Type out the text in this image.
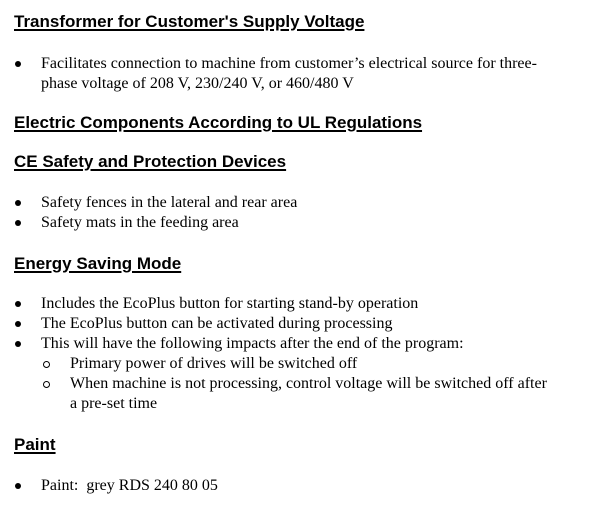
Transformer for Customer's Supply Voltage
Facilitates connection to machine from customer’s electrical source for three-
phase voltage of 208 V, 230/240 V, or 460/480 V
Electric Components According to UL Regulations
CE Safety and Protection Devices
Safety fences in the lateral and rear area
Safety mats in the feeding area
Energy Saving Mode
Includes the EcoPlus button for starting stand-by operation
The EcoPlus button can be activated during processing
This will have the following impacts after the end of the program:
Primary power of drives will be switched off
When machine is not processing, control voltage will be switched off after
a pre-set time
Paint
Paint:  grey RDS 240 80 05
